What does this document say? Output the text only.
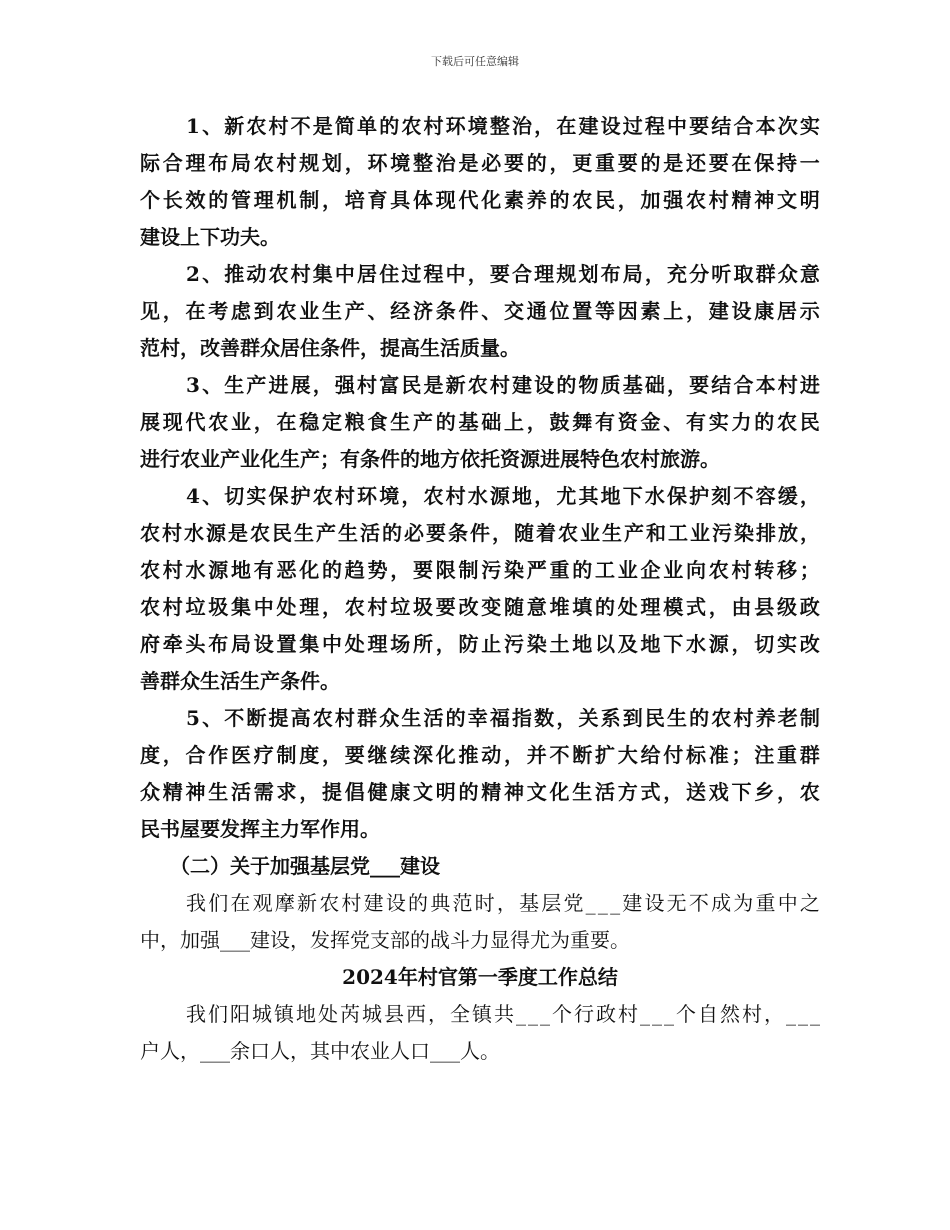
下载后可任意编辑
1 、 新 农 村 不 是 简 单 的 农 村 环 境 整 治 ， 在 建 设 过 程 中 要 结 合 本 次 实
际 合 理 布 局 农 村 规 划 ， 环 境 整 治 是 必 要 的 ， 更 重 要 的 是 还 要 在 保 持 一
个 长 效 的 管 理 机 制 ， 培 育 具 体 现 代 化 素 养 的 农 民 ， 加 强 农 村 精 神 文 明
建设上下功夫。
2 、 推 动 农 村 集 中 居 住 过 程 中 ， 要 合 理 规 划 布 局 ， 充 分 听 取 群 众 意
见 ， 在 考 虑 到 农 业 生 产 、 经 济 条 件 、 交 通 位 置 等 因 素 上 ， 建 设 康 居 示
范村，改善群众居住条件，提高生活质量。
3 、 生 产 进 展 ， 强 村 富 民 是 新 农 村 建 设 的 物 质 基 础 ， 要 结 合 本 村 进
展 现 代 农 业 ， 在 稳 定 粮 食 生 产 的 基 础 上 ， 鼓 舞 有 资 金 、 有 实 力 的 农 民
进行农业产业化生产；有条件的地方依托资源进展特色农村旅游。
4 、 切 实 保 护 农 村 环 境 ， 农 村 水 源 地 ， 尤 其 地 下 水 保 护 刻 不 容 缓 ，
农 村 水 源 是 农 民 生 产 生 活 的 必 要 条 件 ， 随 着 农 业 生 产 和 工 业 污 染 排 放 ，
农 村 水 源 地 有 恶 化 的 趋 势 ， 要 限 制 污 染 严 重 的 工 业 企 业 向 农 村 转 移 ；
农 村 垃 圾 集 中 处 理 ， 农 村 垃 圾 要 改 变 随 意 堆 填 的 处 理 模 式 ， 由 县 级 政
府 牵 头 布 局 设 置 集 中 处 理 场 所 ， 防 止 污 染 土 地 以 及 地 下 水 源 ， 切 实 改
善群众生活生产条件。
5 、 不 断 提 高 农 村 群 众 生 活 的 幸 福 指 数 ， 关 系 到 民 生 的 农 村 养 老 制
度 ， 合 作 医 疗 制 度 ， 要 继 续 深 化 推 动 ， 并 不 断 扩 大 给 付 标 准 ； 注 重 群
众 精 神 生 活 需 求 ， 提 倡 健 康 文 明 的 精 神 文 化 生 活 方 式 ， 送 戏 下 乡 ， 农
民书屋要发挥主力军作用。
（二）关于加强基层党___建设
我 们 在 观 摩 新 农 村 建 设 的 典 范 时 ， 基 层 党 _ _ _ 建 设 无 不 成 为 重 中 之
中，加强___建设，发挥党支部的战斗力显得尤为重要。
2024年村官第一季度工作总结
我 们 阳 城 镇 地 处 芮 城 县 西 ， 全 镇 共 _ _ _ 个 行 政 村 _ _ _ 个 自 然 村 ， _ _ _
户人，___余口人，其中农业人口___人。
